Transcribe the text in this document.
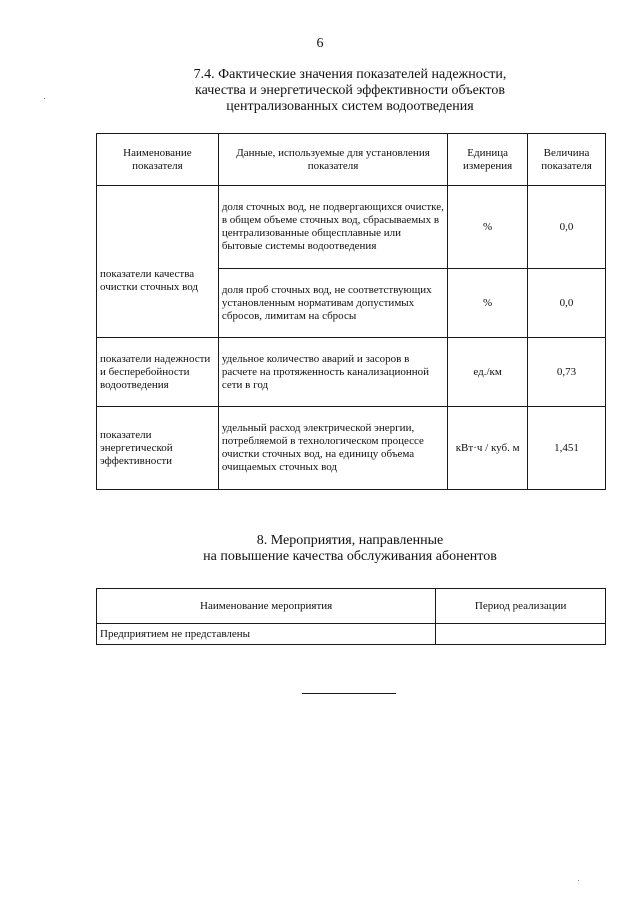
6
7.4. Фактические значения показателей надежности,
качества и энергетической эффективности объектов
централизованных систем водоотведения
Наименование показателя	Данные, используемые для установления показателя	Единица измерения	Величина показателя
показатели качества очистки сточных вод	доля сточных вод, не подвергающихся очистке, в общем объеме сточных вод, сбрасываемых в централизованные общесплавные или бытовые системы водоотведения	%	0,0
	доля проб сточных вод, не соответствующих установленным нормативам допустимых сбросов, лимитам на сбросы	%	0,0
показатели надежности и бесперебойности водоотведения	удельное количество аварий и засоров в расчете на протяженность канализационной сети в год	ед./км	0,73
показатели энергетической эффективности	удельный расход электрической энергии, потребляемой в технологическом процессе очистки сточных вод, на единицу объема очищаемых сточных вод	кВт·ч / куб. м	1,451
8. Мероприятия, направленные
на повышение качества обслуживания абонентов
Наименование мероприятия	Период реализации
Предприятием не представлены	
